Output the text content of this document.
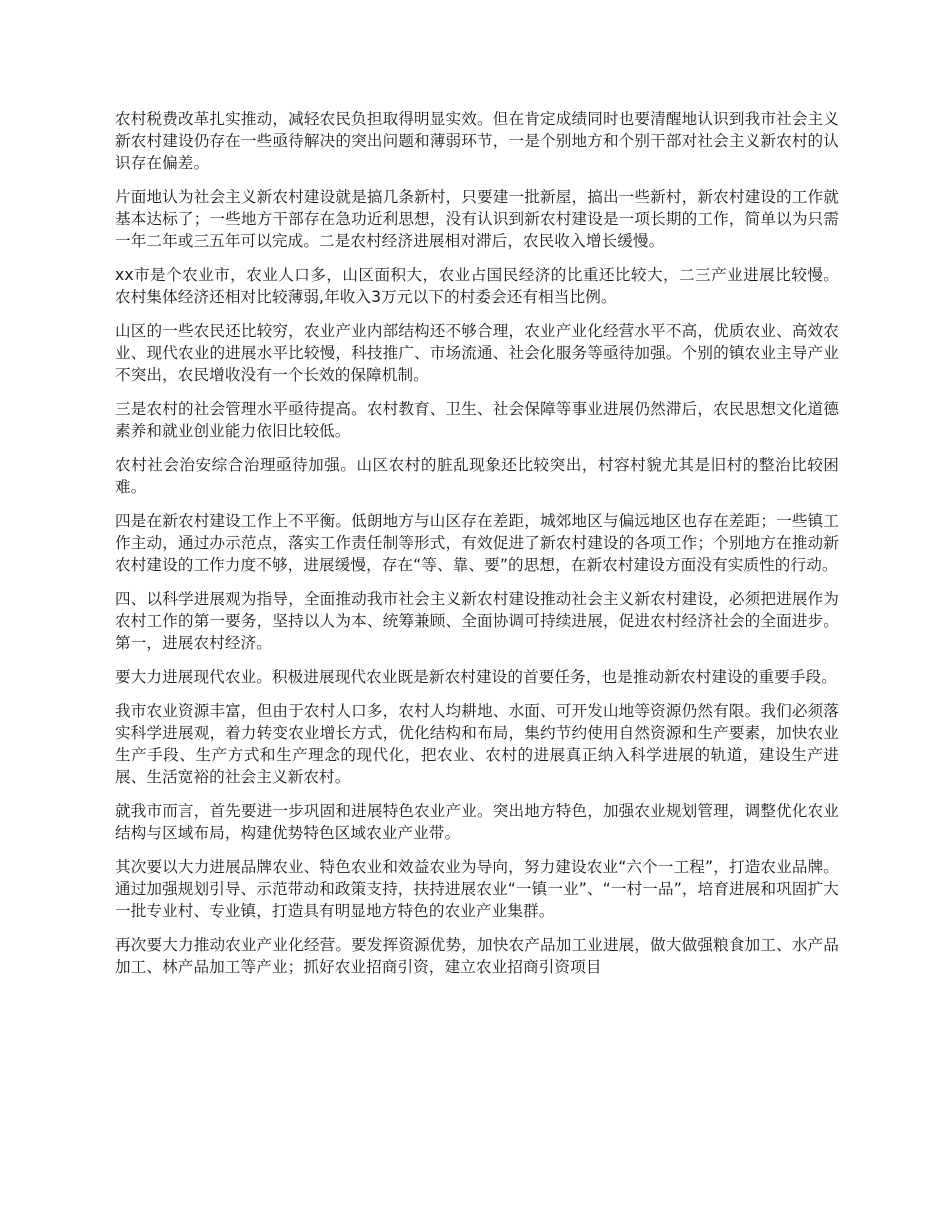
农村税费改革扎实推动，减轻农民负担取得明显实效。但在肯定成绩同时也要清醒地认识到我市社会主义新农村建设仍存在一些亟待解决的突出问题和薄弱环节，一是个别地方和个别干部对社会主义新农村的认识存在偏差。

片面地认为社会主义新农村建设就是搞几条新村，只要建一批新屋，搞出一些新村，新农村建设的工作就基本达标了；一些地方干部存在急功近利思想，没有认识到新农村建设是一项长期的工作，简单以为只需一年二年或三五年可以完成。二是农村经济进展相对滞后，农民收入增长缓慢。

xx市是个农业市，农业人口多，山区面积大，农业占国民经济的比重还比较大，二三产业进展比较慢。农村集体经济还相对比较薄弱,年收入3万元以下的村委会还有相当比例。

山区的一些农民还比较穷，农业产业内部结构还不够合理，农业产业化经营水平不高，优质农业、高效农业、现代农业的进展水平比较慢，科技推广、市场流通、社会化服务等亟待加强。个别的镇农业主导产业不突出，农民增收没有一个长效的保障机制。

三是农村的社会管理水平亟待提高。农村教育、卫生、社会保障等事业进展仍然滞后，农民思想文化道德素养和就业创业能力依旧比较低。

农村社会治安综合治理亟待加强。山区农村的脏乱现象还比较突出，村容村貌尤其是旧村的整治比较困难。

四是在新农村建设工作上不平衡。低朗地方与山区存在差距，城郊地区与偏远地区也存在差距；一些镇工作主动，通过办示范点，落实工作责任制等形式，有效促进了新农村建设的各项工作；个别地方在推动新农村建设的工作力度不够，进展缓慢，存在“等、靠、要”的思想，在新农村建设方面没有实质性的行动。

四、以科学进展观为指导，全面推动我市社会主义新农村建设推动社会主义新农村建设，必须把进展作为农村工作的第一要务，坚持以人为本、统筹兼顾、全面协调可持续进展，促进农村经济社会的全面进步。第一，进展农村经济。

要大力进展现代农业。积极进展现代农业既是新农村建设的首要任务，也是推动新农村建设的重要手段。

我市农业资源丰富，但由于农村人口多，农村人均耕地、水面、可开发山地等资源仍然有限。我们必须落实科学进展观，着力转变农业增长方式，优化结构和布局，集约节约使用自然资源和生产要素，加快农业生产手段、生产方式和生产理念的现代化，把农业、农村的进展真正纳入科学进展的轨道，建设生产进展、生活宽裕的社会主义新农村。

就我市而言，首先要进一步巩固和进展特色农业产业。突出地方特色，加强农业规划管理，调整优化农业结构与区域布局，构建优势特色区域农业产业带。

其次要以大力进展品牌农业、特色农业和效益农业为导向，努力建设农业“六个一工程”，打造农业品牌。通过加强规划引导、示范带动和政策支持，扶持进展农业“一镇一业”、“一村一品”，培育进展和巩固扩大一批专业村、专业镇，打造具有明显地方特色的农业产业集群。

再次要大力推动农业产业化经营。要发挥资源优势，加快农产品加工业进展，做大做强粮食加工、水产品加工、林产品加工等产业；抓好农业招商引资，建立农业招商引资项目
